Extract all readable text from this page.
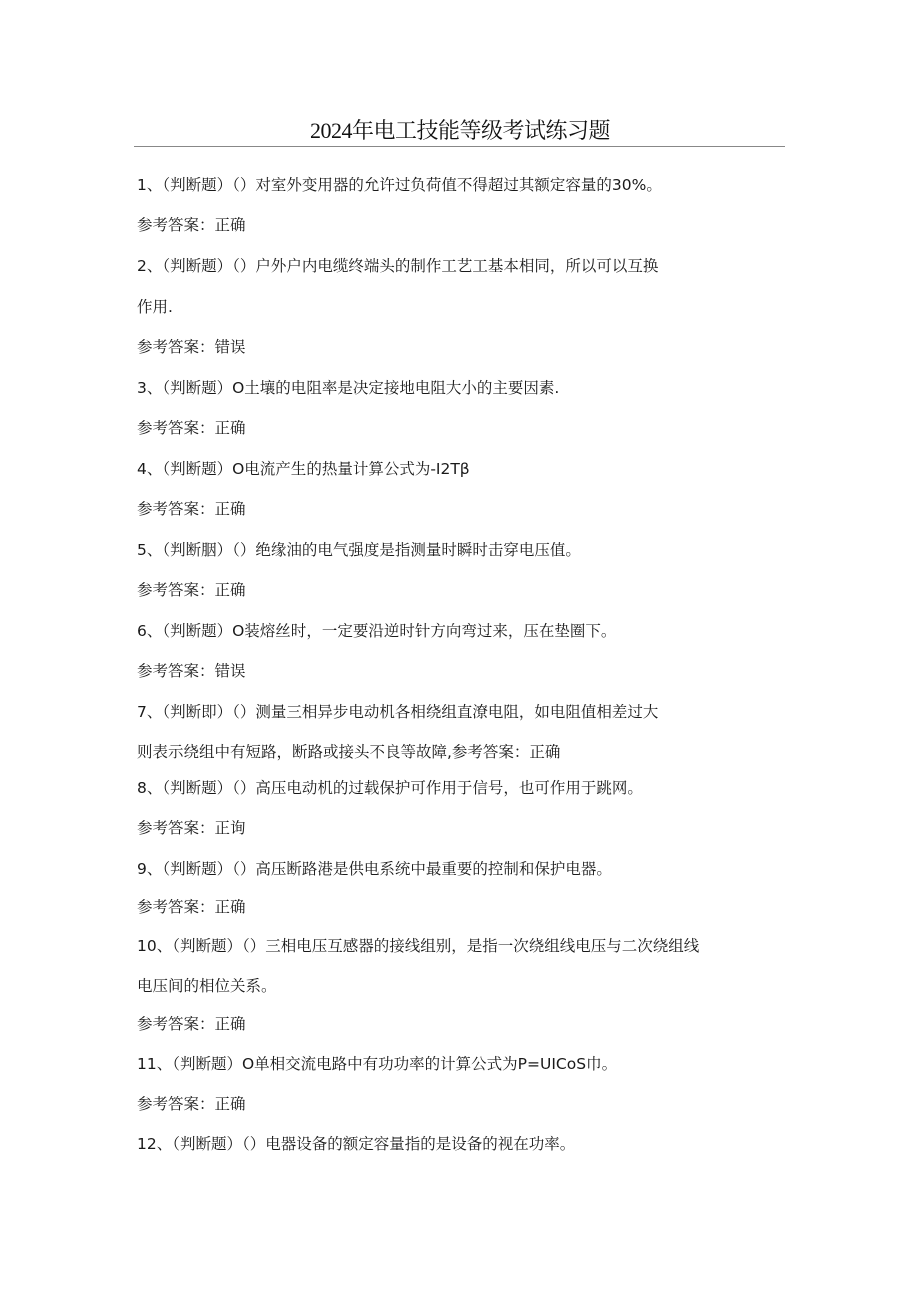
2024年电工技能等级考试练习题
1、（判断题）（）对室外变用器的允许过负荷值不得超过其额定容量的30%。
参考答案：正确
2、（判断题）（）户外户内电缆终端头的制作工艺工基本相同，所以可以互换
作用.
参考答案：错误
3、（判断题）O土壤的电阻率是决定接地电阻大小的主要因素.
参考答案：正确
4、（判断题）O电流产生的热量计算公式为-I2Tβ
参考答案：正确
5、（判断胭）（）绝缘油的电气强度是指测量时瞬时击穿电压值。
参考答案：正确
6、（判断题）O装熔丝时，一定要沿逆时针方向弯过来，压在垫圈下。
参考答案：错误
7、（判断即）（）测量三相异步电动机各相绕组直潦电阻，如电阻值相差过大
则表示绕组中有短路，断路或接头不良等故障,参考答案：正确
8、（判断题）（）高压电动机的过载保护可作用于信号，也可作用于跳网。
参考答案：正询
9、（判断题）（）高压断路港是供电系统中最重要的控制和保护电器。
参考答案：正确
10、（判断题）（）三相电压互感器的接线组别，是指一次绕组线电压与二次绕组线
电压间的相位关系。
参考答案：正确
11、（判断题）O单相交流电路中有功功率的计算公式为P=UICoS巾。
参考答案：正确
12、（判断题）（）电器设备的额定容量指的是设备的视在功率。
